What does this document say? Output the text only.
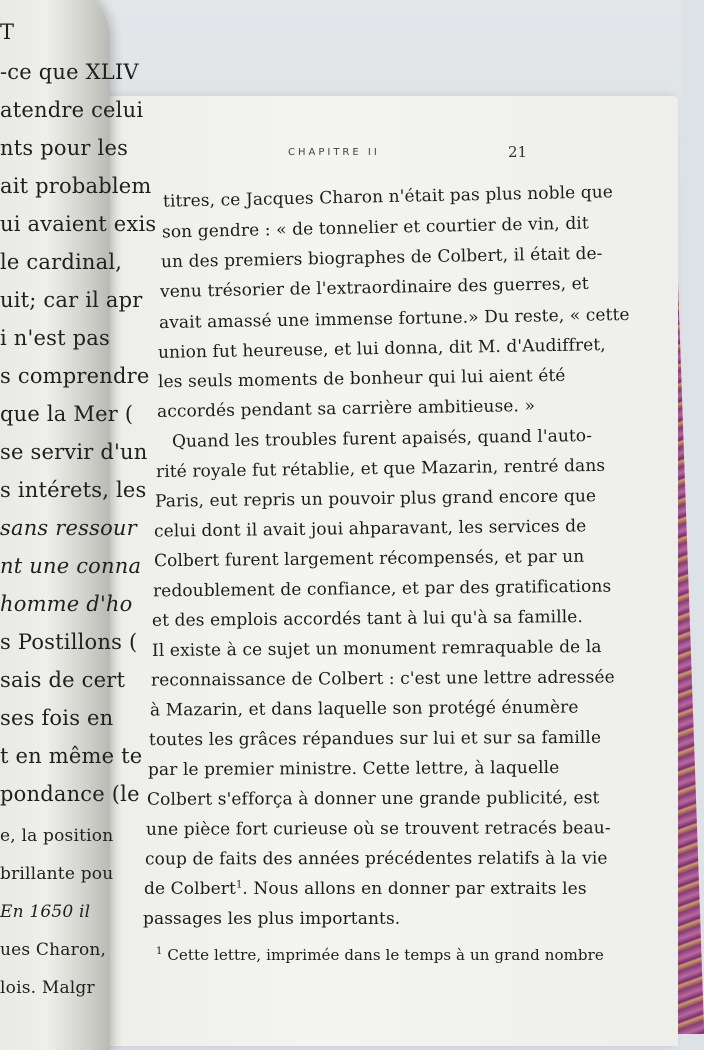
CHAPITRE II	21
titres, ce Jacques Charon n'était pas plus noble que
son gendre : « de tonnelier et courtier de vin, dit
un des premiers biographes de Colbert, il était de-
venu trésorier de l'extraordinaire des guerres, et
avait amassé une immense fortune.» Du reste, « cette
union fut heureuse, et lui donna, dit M. d'Audiffret,
les seuls moments de bonheur qui lui aient été
accordés pendant sa carrière ambitieuse. »
Quand les troubles furent apaisés, quand l'auto-
rité royale fut rétablie, et que Mazarin, rentré dans
Paris, eut repris un pouvoir plus grand encore que
celui dont il avait joui ahparavant, les services de
Colbert furent largement récompensés, et par un
redoublement de confiance, et par des gratifications
et des emplois accordés tant à lui qu'à sa famille.
Il existe à ce sujet un monument remraquable de la
reconnaissance de Colbert : c'est une lettre adressée
à Mazarin, et dans laquelle son protégé énumère
toutes les grâces répandues sur lui et sur sa famille
par le premier ministre. Cette lettre, à laquelle
Colbert s'efforça à donner une grande publicité, est
une pièce fort curieuse où se trouvent retracés beau-
coup de faits des années précédentes relatifs à la vie
de Colbert$^1$. Nous allons en donner par extraits les
passages les plus importants.
$^1$ Cette lettre, imprimée dans le temps à un grand nombre
T
-ce que XLIV
atendre celui
nts pour les
ait probablem
ui avaient exis
le cardinal,
uit; car il apr
i n'est pas
s comprendre
que la Mer (
se servir d'un
s intérets, les
sans ressour
nt une conna
homme d'ho
s Postillons (
sais de cert
ses fois en
t en même te
pondance (le
e, la position
brillante pou
En 1650 il
ues Charon,
lois. Malgr
